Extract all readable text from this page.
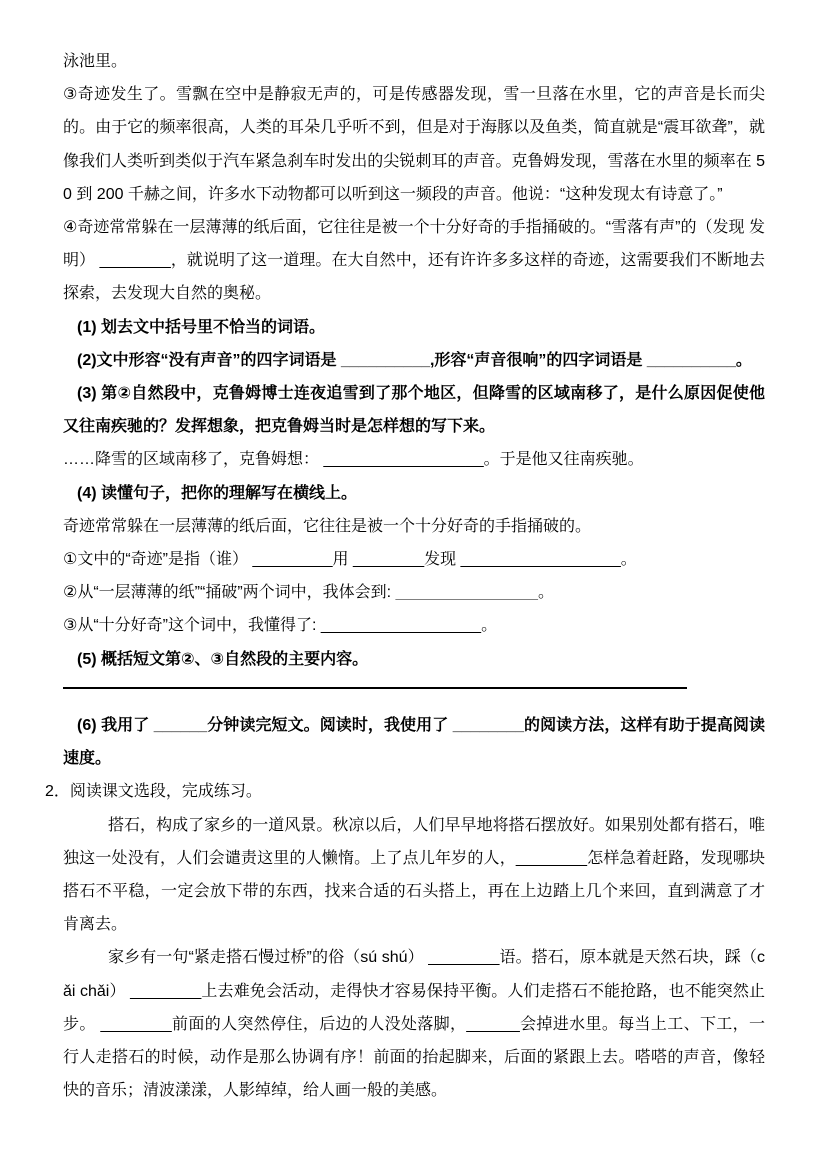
泳池里。

③奇迹发生了。雪飘在空中是静寂无声的，可是传感器发现，雪一旦落在水里，它的声音是长而尖的。由于它的频率很高，人类的耳朵几乎听不到，但是对于海豚以及鱼类，简直就是“震耳欲聋”，就像我们人类听到类似于汽车紧急刹车时发出的尖锐刺耳的声音。克鲁姆发现，雪落在水里的频率在 50 到 200 千赫之间，许多水下动物都可以听到这一频段的声音。他说：“这种发现太有诗意了。”

④奇迹常常躲在一层薄薄的纸后面，它往往是被一个十分好奇的手指捅破的。“雪落有声”的（发现 发明） ________，就说明了这一道理。在大自然中，还有许许多多这样的奇迹，这需要我们不断地去探索，去发现大自然的奥秘。

(1) 划去文中括号里不恰当的词语。

(2)文中形容“没有声音”的四字词语是 __________,形容“声音很响”的四字词语是 __________。

(3) 第②自然段中，克鲁姆博士连夜追雪到了那个地区，但降雪的区域南移了，是什么原因促使他又往南疾驰的？发挥想象，把克鲁姆当时是怎样想的写下来。

……降雪的区域南移了，克鲁姆想： __________________。于是他又往南疾驰。

(4) 读懂句子，把你的理解写在横线上。

奇迹常常躲在一层薄薄的纸后面，它往往是被一个十分好奇的手指捅破的。

①文中的“奇迹”是指（谁） _________用 ________发现 __________________。

②从“一层薄薄的纸”“捅破”两个词中，我体会到: ________________。

③从“十分好奇”这个词中，我懂得了: __________________。

(5) 概括短文第②、③自然段的主要内容。

(6) 我用了 ______分钟读完短文。阅读时，我使用了 ________的阅读方法，这样有助于提高阅读速度。

2．阅读课文选段，完成练习。

搭石，构成了家乡的一道风景。秋凉以后，人们早早地将搭石摆放好。如果别处都有搭石，唯独这一处没有，人们会谴责这里的人懒惰。上了点儿年岁的人，________怎样急着赶路，发现哪块搭石不平稳，一定会放下带的东西，找来合适的石头搭上，再在上边踏上几个来回，直到满意了才肯离去。

家乡有一句“紧走搭石慢过桥”的俗（sú shú） ________语。搭石，原本就是天然石块，踩（cǎi chǎi） ________上去难免会活动，走得快才容易保持平衡。人们走搭石不能抢路，也不能突然止步。 ________前面的人突然停住，后边的人没处落脚，______会掉进水里。每当上工、下工，一行人走搭石的时候，动作是那么协调有序！前面的抬起脚来，后面的紧跟上去。嗒嗒的声音，像轻快的音乐；清波漾漾，人影绰绰，给人画一般的美感。
